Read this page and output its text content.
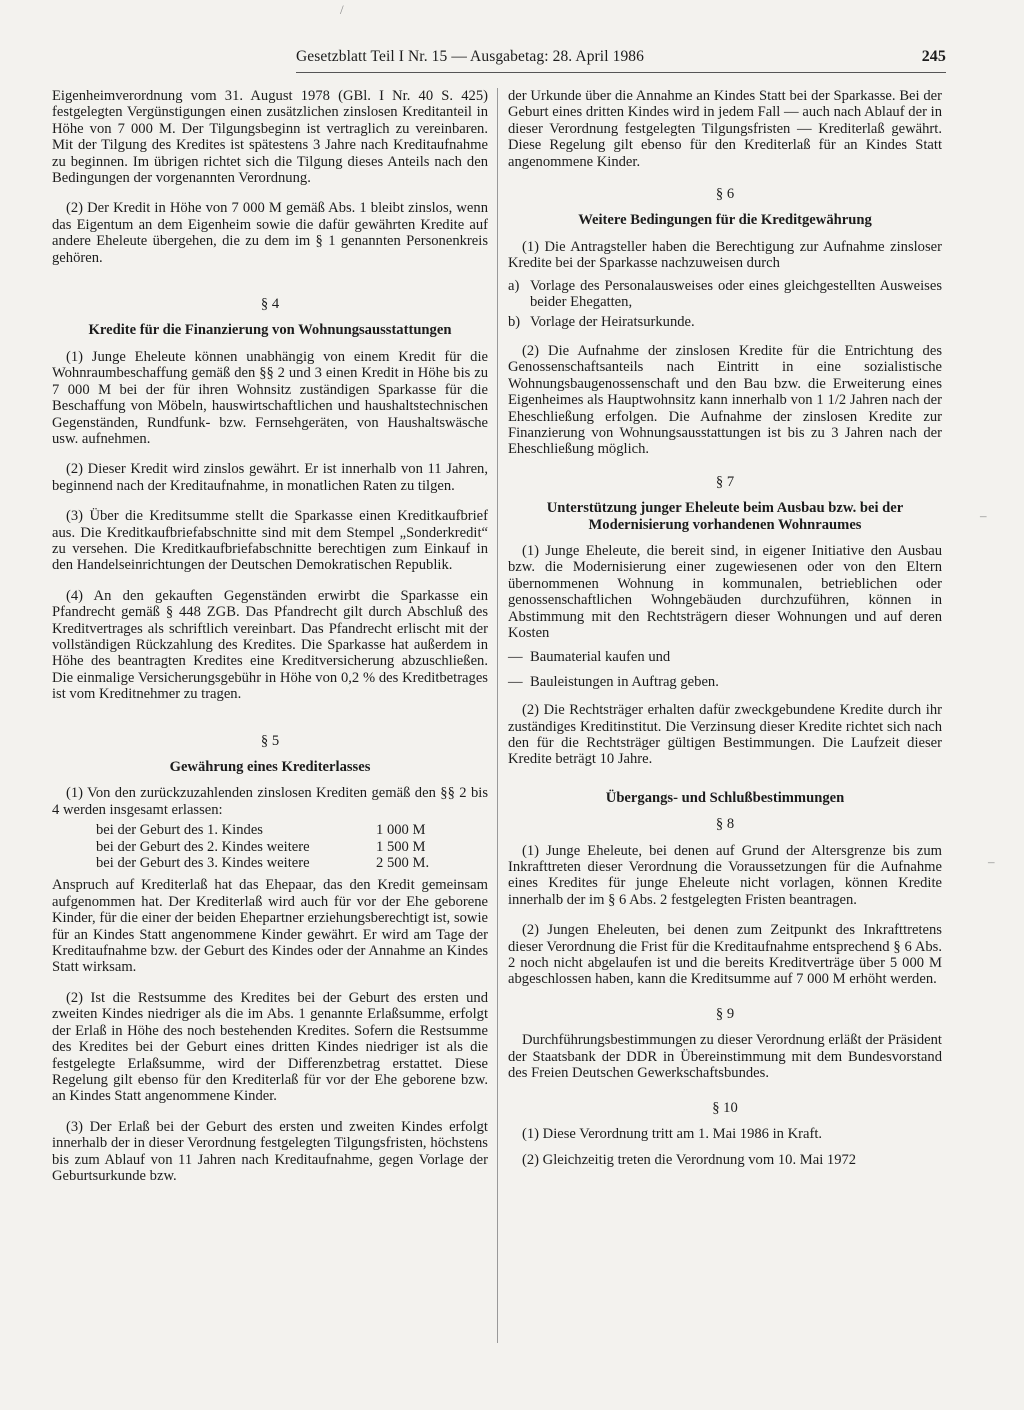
Gesetzblatt Teil I Nr. 15 — Ausgabetag: 28. April 1986	245

Eigenheimverordnung vom 31. August 1978 (GBl. I Nr. 40 S. 425) festgelegten Vergünstigungen einen zusätzlichen zinslosen Kreditanteil in Höhe von 7 000 M. Der Tilgungsbeginn ist vertraglich zu vereinbaren. Mit der Tilgung des Kredites ist spätestens 3 Jahre nach Kreditaufnahme zu beginnen. Im übrigen richtet sich die Tilgung dieses Anteils nach den Bedingungen der vorgenannten Verordnung.

(2) Der Kredit in Höhe von 7 000 M gemäß Abs. 1 bleibt zinslos, wenn das Eigentum an dem Eigenheim sowie die dafür gewährten Kredite auf andere Eheleute übergehen, die zu dem im § 1 genannten Personenkreis gehören.

§ 4
Kredite für die Finanzierung von Wohnungsausstattungen

(1) Junge Eheleute können unabhängig von einem Kredit für die Wohnraumbeschaffung gemäß den §§ 2 und 3 einen Kredit in Höhe bis zu 7 000 M bei der für ihren Wohnsitz zuständigen Sparkasse für die Beschaffung von Möbeln, hauswirtschaftlichen und haushaltstechnischen Gegenständen, Rundfunk- bzw. Fernsehgeräten, von Haushaltswäsche usw. aufnehmen.

(2) Dieser Kredit wird zinslos gewährt. Er ist innerhalb von 11 Jahren, beginnend nach der Kreditaufnahme, in monatlichen Raten zu tilgen.

(3) Über die Kreditsumme stellt die Sparkasse einen Kreditkaufbrief aus. Die Kreditkaufbriefabschnitte sind mit dem Stempel „Sonderkredit“ zu versehen. Die Kreditkaufbriefabschnitte berechtigen zum Einkauf in den Handelseinrichtungen der Deutschen Demokratischen Republik.

(4) An den gekauften Gegenständen erwirbt die Sparkasse ein Pfandrecht gemäß § 448 ZGB. Das Pfandrecht gilt durch Abschluß des Kreditvertrages als schriftlich vereinbart. Das Pfandrecht erlischt mit der vollständigen Rückzahlung des Kredites. Die Sparkasse hat außerdem in Höhe des beantragten Kredites eine Kreditversicherung abzuschließen. Die einmalige Versicherungsgebühr in Höhe von 0,2 % des Kreditbetrages ist vom Kreditnehmer zu tragen.

§ 5
Gewährung eines Krediterlasses

(1) Von den zurückzuzahlenden zinslosen Krediten gemäß den §§ 2 bis 4 werden insgesamt erlassen:

bei der Geburt des 1. Kindes	1 000 M
bei der Geburt des 2. Kindes weitere	1 500 M
bei der Geburt des 3. Kindes weitere	2 500 M.

Anspruch auf Krediterlaß hat das Ehepaar, das den Kredit gemeinsam aufgenommen hat. Der Krediterlaß wird auch für vor der Ehe geborene Kinder, für die einer der beiden Ehepartner erziehungsberechtigt ist, sowie für an Kindes Statt angenommene Kinder gewährt. Er wird am Tage der Kreditaufnahme bzw. der Geburt des Kindes oder der Annahme an Kindes Statt wirksam.

(2) Ist die Restsumme des Kredites bei der Geburt des ersten und zweiten Kindes niedriger als die im Abs. 1 genannte Erlaßsumme, erfolgt der Erlaß in Höhe des noch bestehenden Kredites. Sofern die Restsumme des Kredites bei der Geburt eines dritten Kindes niedriger ist als die festgelegte Erlaßsumme, wird der Differenzbetrag erstattet. Diese Regelung gilt ebenso für den Krediterlaß für vor der Ehe geborene bzw. an Kindes Statt angenommene Kinder.

(3) Der Erlaß bei der Geburt des ersten und zweiten Kindes erfolgt innerhalb der in dieser Verordnung festgelegten Tilgungsfristen, höchstens bis zum Ablauf von 11 Jahren nach Kreditaufnahme, gegen Vorlage der Geburtsurkunde bzw.

der Urkunde über die Annahme an Kindes Statt bei der Sparkasse. Bei der Geburt eines dritten Kindes wird in jedem Fall — auch nach Ablauf der in dieser Verordnung festgelegten Tilgungsfristen — Krediterlaß gewährt. Diese Regelung gilt ebenso für den Krediterlaß für an Kindes Statt angenommene Kinder.

§ 6
Weitere Bedingungen für die Kreditgewährung

(1) Die Antragsteller haben die Berechtigung zur Aufnahme zinsloser Kredite bei der Sparkasse nachzuweisen durch

a) Vorlage des Personalausweises oder eines gleichgestellten Ausweises beider Ehegatten,
b) Vorlage der Heiratsurkunde.

(2) Die Aufnahme der zinslosen Kredite für die Entrichtung des Genossenschaftsanteils nach Eintritt in eine sozialistische Wohnungsbaugenossenschaft und den Bau bzw. die Erweiterung eines Eigenheimes als Hauptwohnsitz kann innerhalb von 1 1/2 Jahren nach der Eheschließung erfolgen. Die Aufnahme der zinslosen Kredite zur Finanzierung von Wohnungsausstattungen ist bis zu 3 Jahren nach der Eheschließung möglich.

§ 7
Unterstützung junger Eheleute beim Ausbau bzw. bei der Modernisierung vorhandenen Wohnraumes

(1) Junge Eheleute, die bereit sind, in eigener Initiative den Ausbau bzw. die Modernisierung einer zugewiesenen oder von den Eltern übernommenen Wohnung in kommunalen, betrieblichen oder genossenschaftlichen Wohngebäuden durchzuführen, können in Abstimmung mit den Rechtsträgern dieser Wohnungen und auf deren Kosten

— Baumaterial kaufen und
— Bauleistungen in Auftrag geben.

(2) Die Rechtsträger erhalten dafür zweckgebundene Kredite durch ihr zuständiges Kreditinstitut. Die Verzinsung dieser Kredite richtet sich nach den für die Rechtsträger gültigen Bestimmungen. Die Laufzeit dieser Kredite beträgt 10 Jahre.

Übergangs- und Schlußbestimmungen
§ 8

(1) Junge Eheleute, bei denen auf Grund der Altersgrenze bis zum Inkrafttreten dieser Verordnung die Voraussetzungen für die Aufnahme eines Kredites für junge Eheleute nicht vorlagen, können Kredite innerhalb der im § 6 Abs. 2 festgelegten Fristen beantragen.

(2) Jungen Eheleuten, bei denen zum Zeitpunkt des Inkrafttretens dieser Verordnung die Frist für die Kreditaufnahme entsprechend § 6 Abs. 2 noch nicht abgelaufen ist und die bereits Kreditverträge über 5 000 M abgeschlossen haben, kann die Kreditsumme auf 7 000 M erhöht werden.

§ 9

Durchführungsbestimmungen zu dieser Verordnung erläßt der Präsident der Staatsbank der DDR in Übereinstimmung mit dem Bundesvorstand des Freien Deutschen Gewerkschaftsbundes.

§ 10

(1) Diese Verordnung tritt am 1. Mai 1986 in Kraft.

(2) Gleichzeitig treten die Verordnung vom 10. Mai 1972

/
–
–
